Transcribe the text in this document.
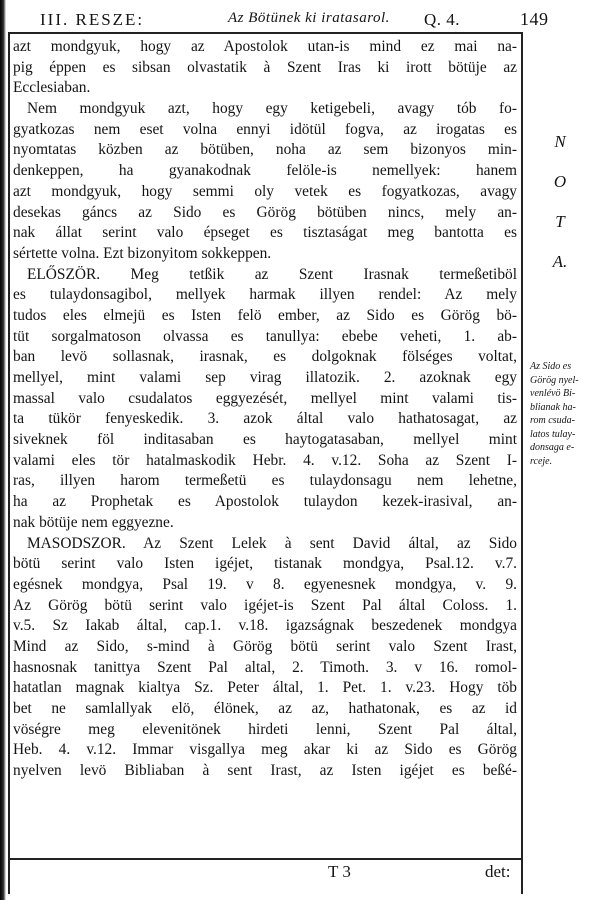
III. RESZE:	Az Bötünek ki iratasarol. Q. 4.	149
azt mondgyuk, hogy az Apostolok utan-is mind ez mai na-
pig éppen es sibsan olvastatik à Szent Iras ki irott bötüje az
Ecclesiaban.
Nem mondgyuk azt, hogy egy ketigebeli, avagy tób fo-
gyatkozas nem eset volna ennyi idötül fogva, az irogatas es
nyomtatas közben az bötüben, noha az sem bizonyos min-
denkeppen, ha gyanakodnak felöle-is nemellyek: hanem
azt mondgyuk, hogy semmi oly vetek es fogyatkozas, avagy
desekas gáncs az Sido es Görög bötüben nincs, mely an-
nak állat serint valo épseget es tisztaságat meg bantotta es
sértette volna. Ezt bizonyitom sokkeppen.
ELŐSZÖR. Meg tetßik az Szent Irasnak termeßetiböl
es tulaydonsagibol, mellyek harmak illyen rendel: Az mely
tudos eles elmejü es Isten felö ember, az Sido es Görög bö-
tüt sorgalmatoson olvassa es tanullya: ebebe veheti, 1. ab-
ban levö sollasnak, irasnak, es dolgoknak fölséges voltat,
mellyel, mint valami sep virag illatozik. 2. azoknak egy
massal valo csudalatos eggyezését, mellyel mint valami tis-
ta tükör fenyeskedik. 3. azok által valo hathatosagat, az
siveknek föl inditasaban es haytogatasaban, mellyel mint
valami eles tör hatalmaskodik Hebr. 4. v.12. Soha az Szent I-
ras, illyen harom termeßetü es tulaydonsagu nem lehetne,
ha az Prophetak es Apostolok tulaydon kezek-irasival, an-
nak bötüje nem eggyezne.
MASODSZOR. Az Szent Lelek à sent David által, az Sido
bötü serint valo Isten igéjet, tistanak mondgya, Psal.12. v.7.
egésnek mondgya, Psal 19. v 8. egyenesnek mondgya, v. 9.
Az Görög bötü serint valo igéjet-is Szent Pal által Coloss. 1.
v.5. Sz Iakab által, cap.1. v.18. igazságnak beszedenek mondgya
Mind az Sido, s-mind à Görög bötü serint valo Szent Irast,
hasnosnak tanittya Szent Pal altal, 2. Timoth. 3. v 16. romol-
hatatlan magnak kialtya Sz. Peter által, 1. Pet. 1. v.23. Hogy töb
bet ne samlallyak elö, élönek, az az, hathatonak, es az id
vöségre meg elevenitönek hirdeti lenni, Szent Pal által,
Heb. 4. v.12. Immar visgallya meg akar ki az Sido es Görög
nyelven levö Bibliaban à sent Irast, az Isten igéjet es beßé-
N
O
T
A.
Az Sido es
Görög nyel-
venlévö Bi-
blianak ha-
rom csuda-
latos tulay-
donsaga e-
rceje.
T 3	det:
